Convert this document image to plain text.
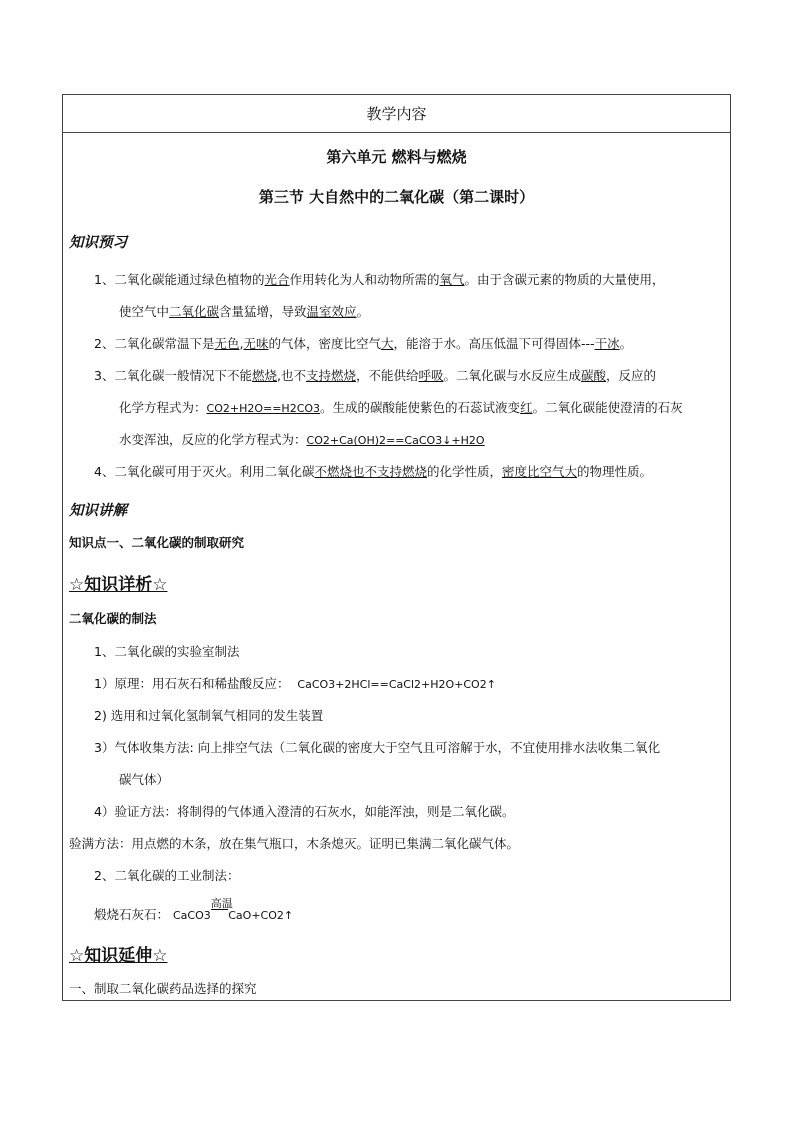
教学内容
第六单元 燃料与燃烧
第三节 大自然中的二氧化碳（第二课时）
知识预习
1、二氧化碳能通过绿色植物的光合作用转化为人和动物所需的氧气。由于含碳元素的物质的大量使用，
使空气中二氧化碳含量猛增，导致温室效应。
2、二氧化碳常温下是无色,无味的气体，密度比空气大，能溶于水。高压低温下可得固体---干冰。
3、二氧化碳一般情况下不能燃烧,也不支持燃烧，不能供给呼吸。二氧化碳与水反应生成碳酸，反应的
化学方程式为：CO2+H2O==H2CO3。生成的碳酸能使紫色的石蕊试液变红。二氧化碳能使澄清的石灰
水变浑浊，反应的化学方程式为：CO2+Ca(OH)2==CaCO3↓+H2O
4、二氧化碳可用于灭火。利用二氧化碳不燃烧也不支持燃烧的化学性质，密度比空气大的物理性质。
知识讲解
知识点一、二氧化碳的制取研究
☆知识详析☆
二氧化碳的制法
1、二氧化碳的实验室制法
1）原理：用石灰石和稀盐酸反应： CaCO3+2HCl==CaCl2+H2O+CO2↑
2) 选用和过氧化氢制氧气相同的发生装置
3）气体收集方法: 向上排空气法（二氧化碳的密度大于空气且可溶解于水，不宜使用排水法收集二氧化
碳气体）
4）验证方法：将制得的气体通入澄清的石灰水，如能浑浊，则是二氧化碳。
验满方法：用点燃的木条，放在集气瓶口，木条熄灭。证明已集满二氧化碳气体。
2、二氧化碳的工业制法：
煅烧石灰石： CaCO3
高温
CaO+CO2↑
☆知识延伸☆
一、制取二氧化碳药品选择的探究
